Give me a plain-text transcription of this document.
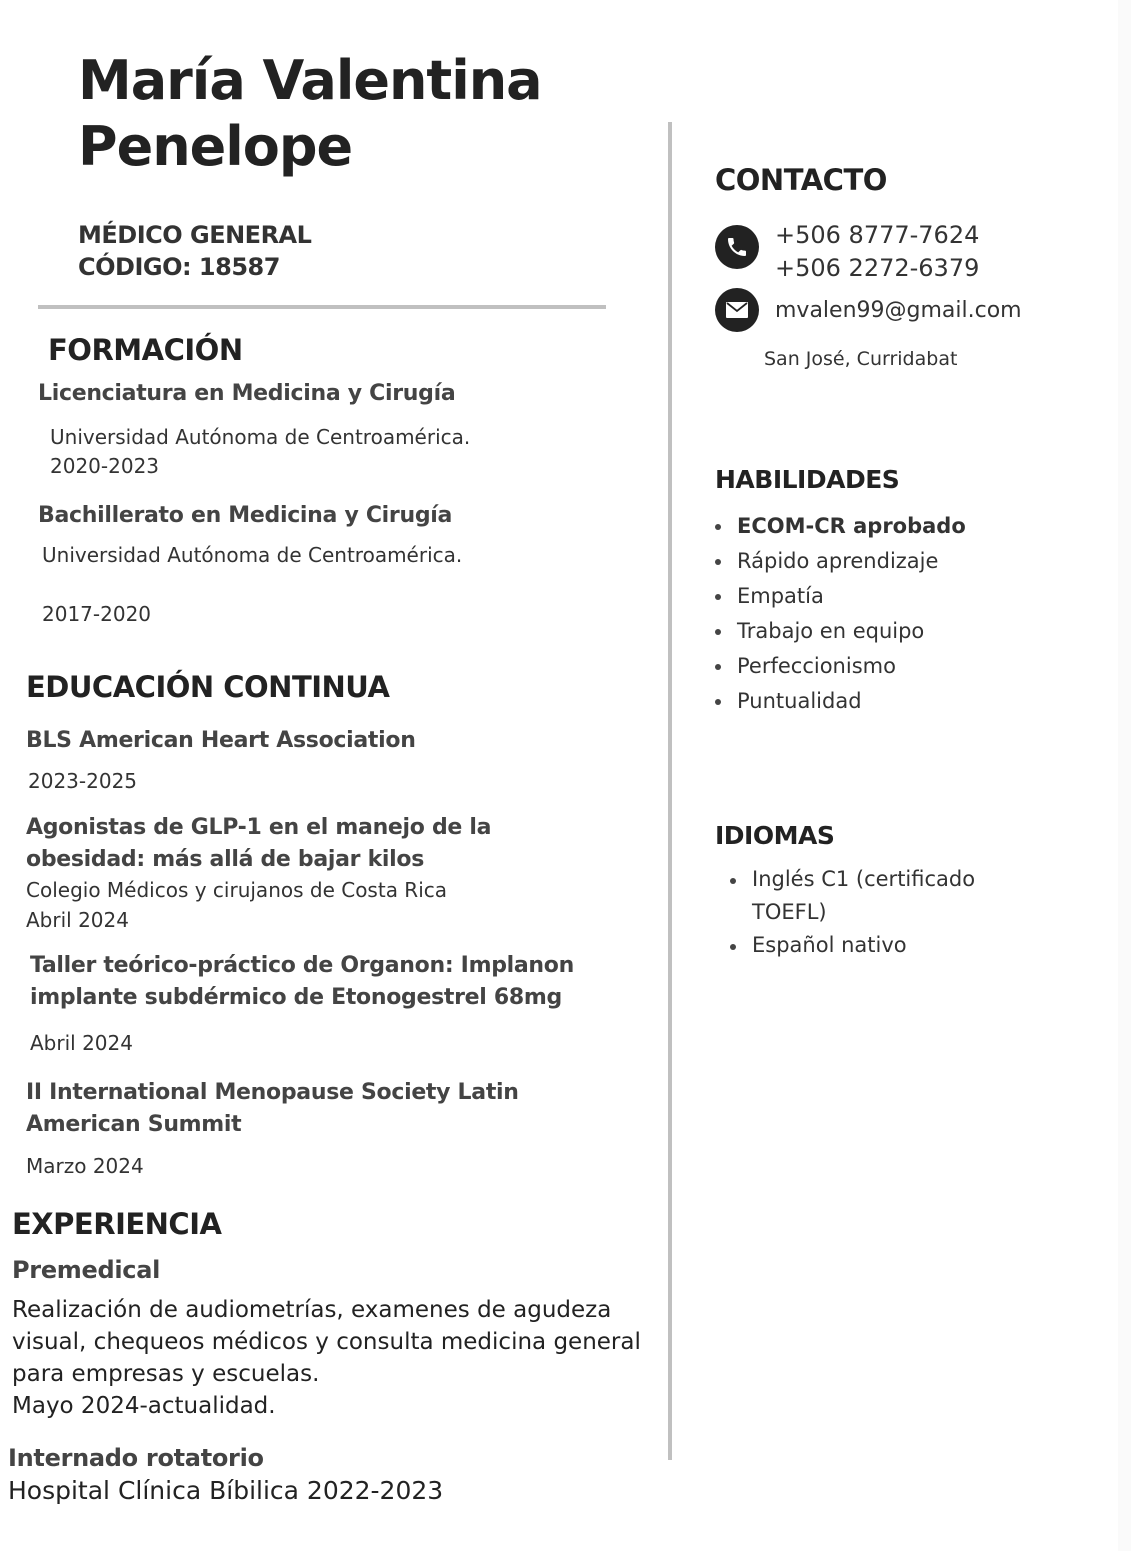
María Valentina
Penelope
MÉDICO GENERAL
CÓDIGO: 18587
FORMACIÓN
Licenciatura en Medicina y Cirugía
Universidad Autónoma de Centroamérica.
2020-2023
Bachillerato en Medicina y Cirugía
Universidad Autónoma de Centroamérica.
2017-2020
EDUCACIÓN CONTINUA
BLS American Heart Association
2023-2025
Agonistas de GLP-1 en el manejo de la
obesidad: más allá de bajar kilos
Colegio Médicos y cirujanos de Costa Rica
Abril 2024
Taller teórico-práctico de Organon: Implanon
implante subdérmico de Etonogestrel 68mg
Abril 2024
II International Menopause Society Latin
American Summit
Marzo 2024
EXPERIENCIA
Premedical
Realización de audiometrías, examenes de agudeza
visual, chequeos médicos y consulta medicina general
para empresas y escuelas.
Mayo 2024-actualidad.
Internado rotatorio
Hospital Clínica Bíbilica 2022-2023
CONTACTO
+506 8777-7624
+506 2272-6379
mvalen99@gmail.com
San José, Curridabat
HABILIDADES
ECOM-CR aprobado
Rápido aprendizaje
Empatía
Trabajo en equipo
Perfeccionismo
Puntualidad
IDIOMAS
Inglés C1 (certificado
TOEFL)
Español nativo
